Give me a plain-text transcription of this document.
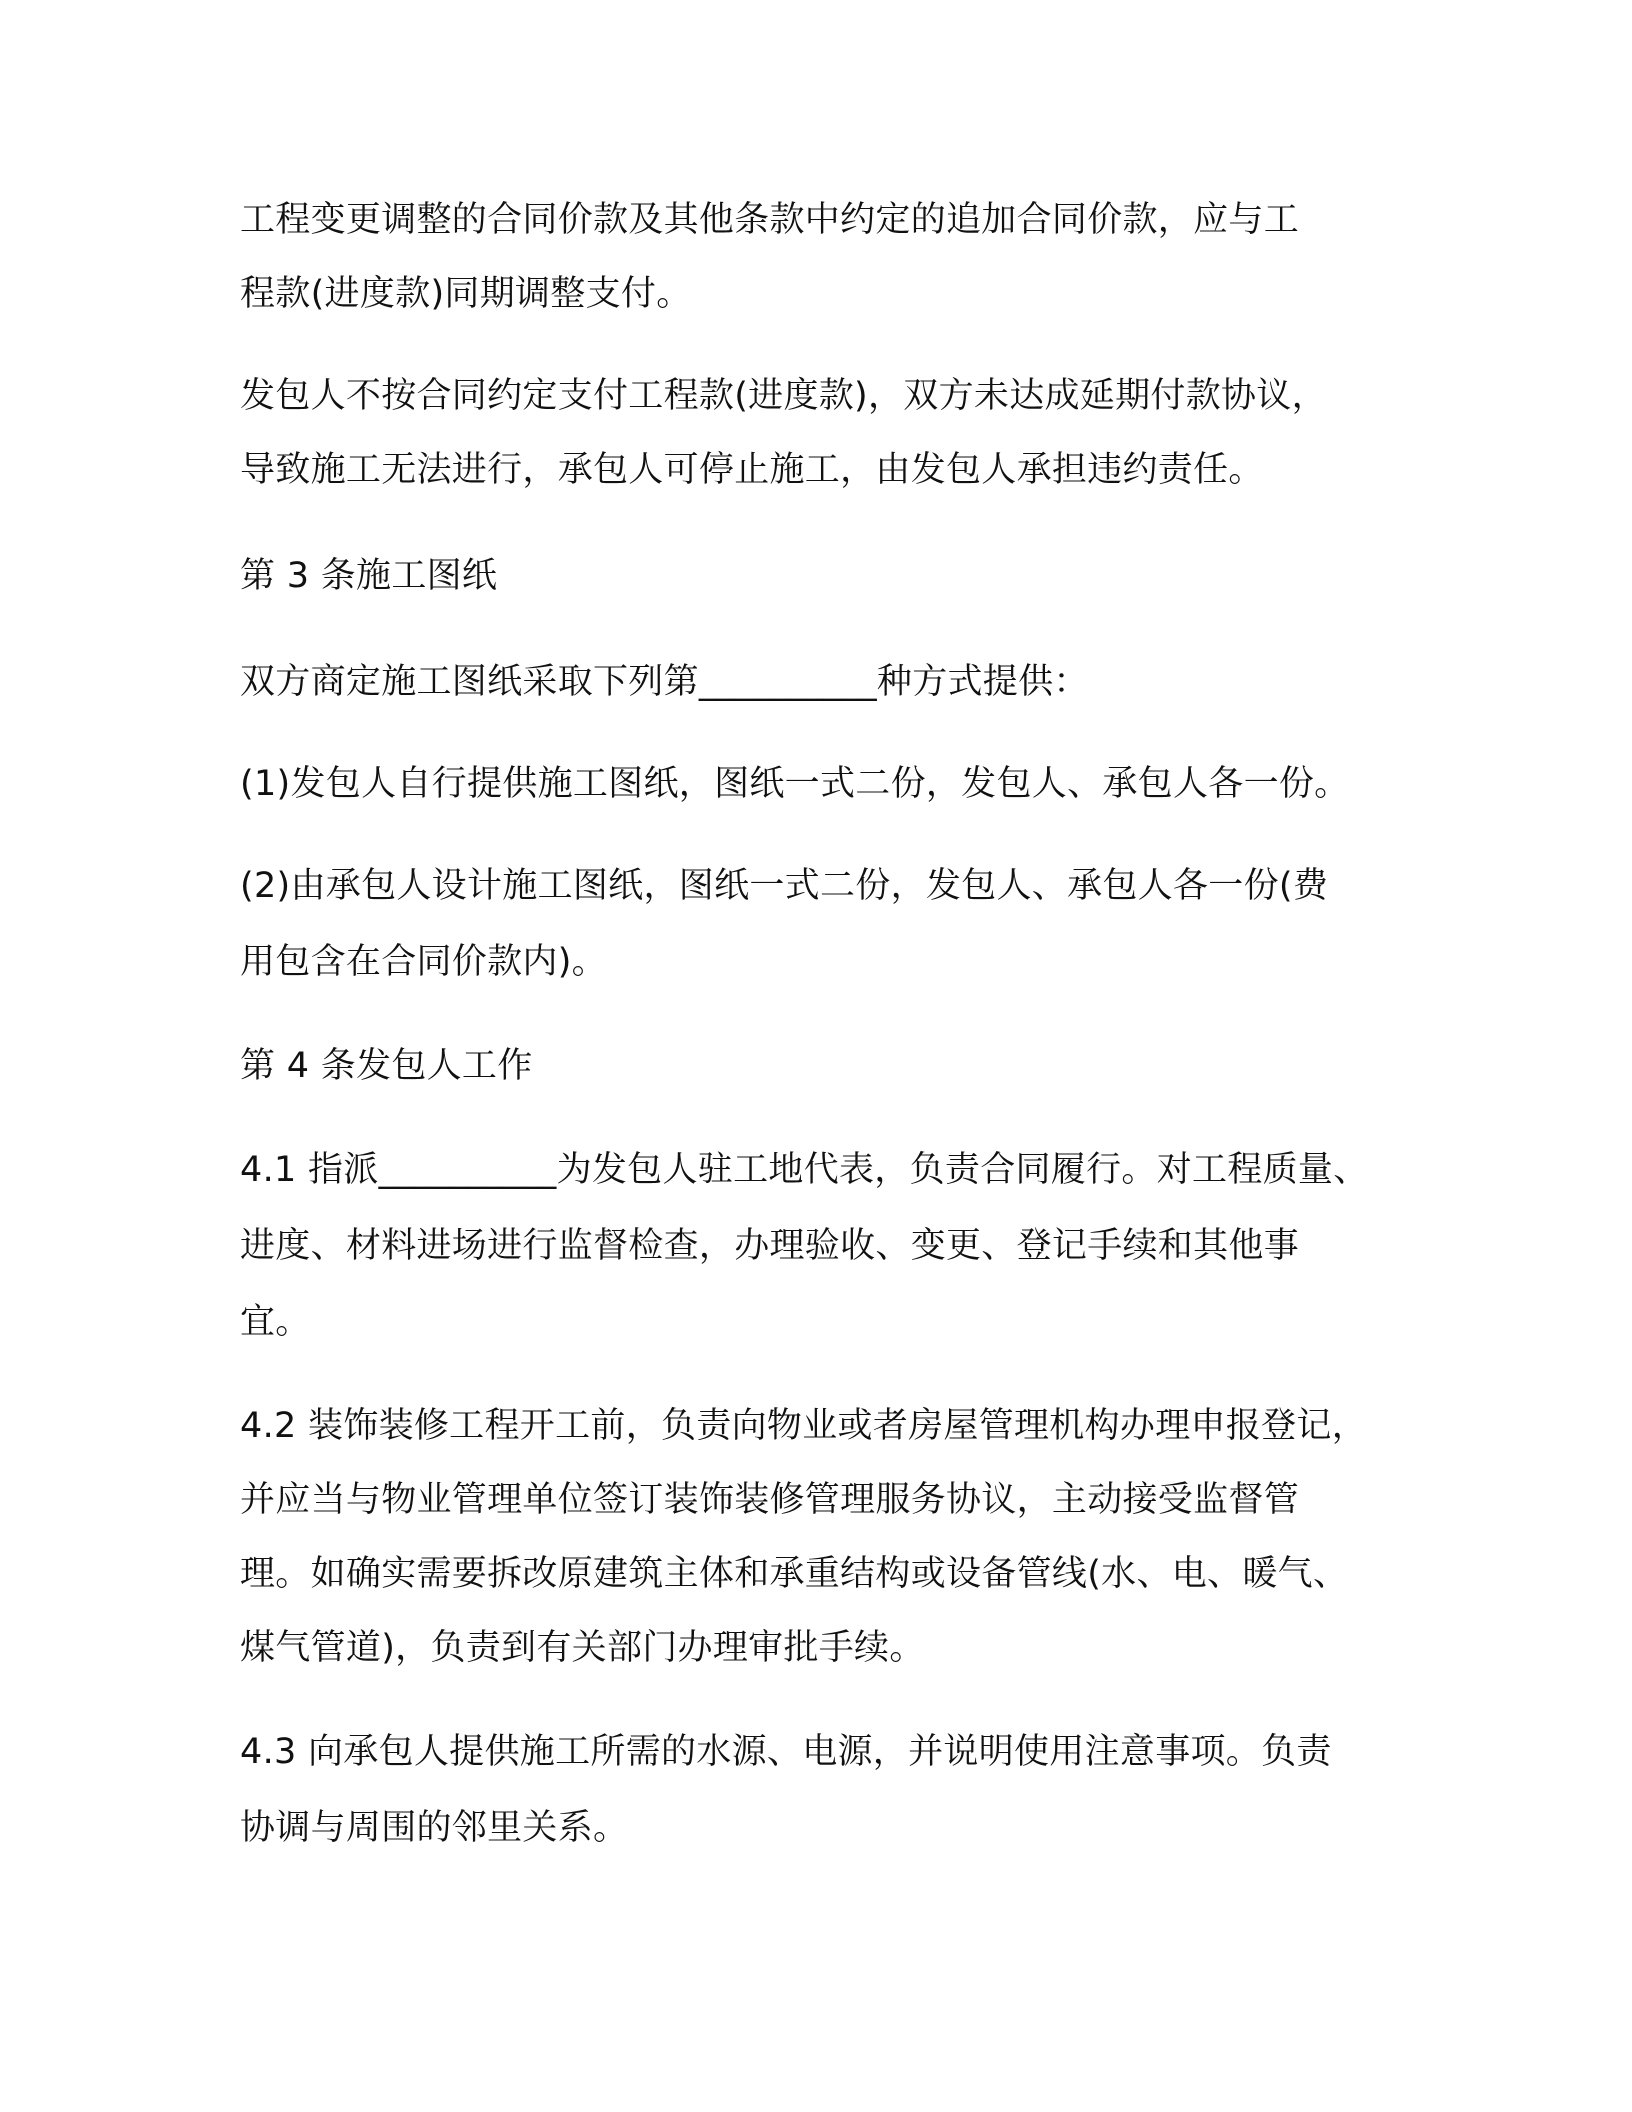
工程变更调整的合同价款及其他条款中约定的追加合同价款，应与工
程款(进度款)同期调整支付。
发包人不按合同约定支付工程款(进度款)，双方未达成延期付款协议，
导致施工无法进行，承包人可停止施工，由发包人承担违约责任。
第 3 条施工图纸
双方商定施工图纸采取下列第__________种方式提供：
(1)发包人自行提供施工图纸，图纸一式二份，发包人、承包人各一份。
(2)由承包人设计施工图纸，图纸一式二份，发包人、承包人各一份(费
用包含在合同价款内)。
第 4 条发包人工作
4.1 指派__________为发包人驻工地代表，负责合同履行。对工程质量、
进度、材料进场进行监督检查，办理验收、变更、登记手续和其他事
宜。
4.2 装饰装修工程开工前，负责向物业或者房屋管理机构办理申报登记，
并应当与物业管理单位签订装饰装修管理服务协议，主动接受监督管
理。如确实需要拆改原建筑主体和承重结构或设备管线(水、电、暖气、
煤气管道)，负责到有关部门办理审批手续。
4.3 向承包人提供施工所需的水源、电源，并说明使用注意事项。负责
协调与周围的邻里关系。
